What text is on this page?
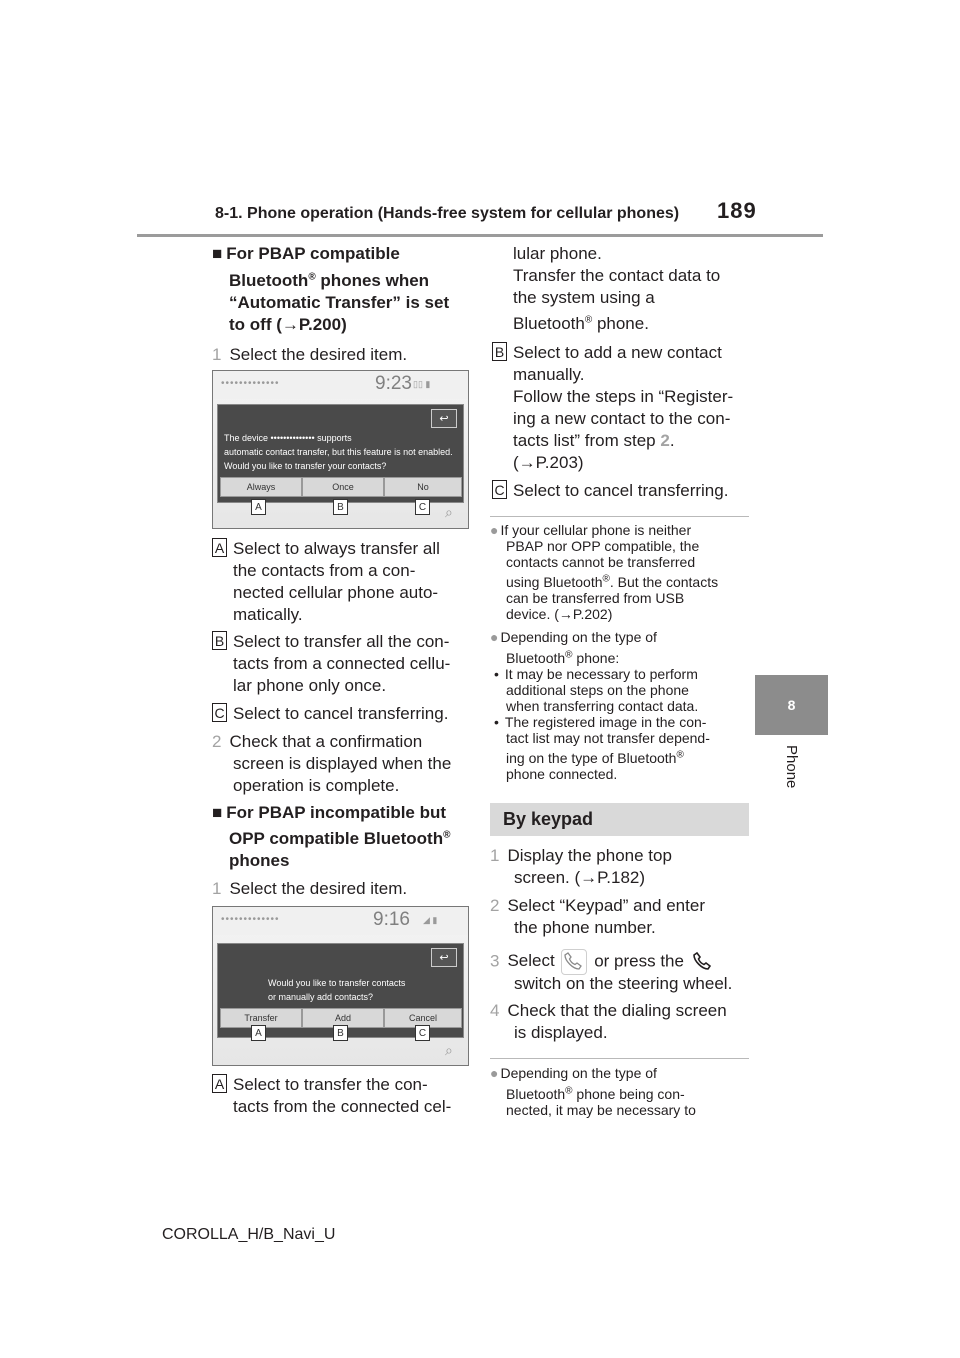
8-1. Phone operation (Hands-free system for cellular phones) 189
8
Phone
■ For PBAP compatible
Bluetooth® phones when
“Automatic Transfer” is set
to off (→P.200)
1 Select the desired item.
•••••••••••••	9:23 ▯▯ ▮
↩
The device •••••••••••••• supports
automatic contact transfer, but this feature is not enabled.
Would you like to transfer your contacts?
Always	Once	No
A	B	C ⌕
A Select to always transfer all
the contacts from a con-
nected cellular phone auto-
matically.
B Select to transfer all the con-
tacts from a connected cellu-
lar phone only once.
C Select to cancel transferring.
2 Check that a confirmation
screen is displayed when the
operation is complete.
■ For PBAP incompatible but
OPP compatible Bluetooth®
phones
1 Select the desired item.
•••••••••••••	9:16 ◢ ▮
↩
Would you like to transfer contacts
or manually add contacts?
Transfer	Add	Cancel
A	B	C
⌕
A Select to transfer the con-
tacts from the connected cel-
lular phone.
Transfer the contact data to
the system using a
Bluetooth® phone.
B Select to add a new contact
manually.
Follow the steps in “Register-
ing a new contact to the con-
tacts list” from step 2.
(→P.203)
C Select to cancel transferring.
● If your cellular phone is neither
PBAP nor OPP compatible, the
contacts cannot be transferred
using Bluetooth®. But the contacts
can be transferred from USB
device. (→P.202)
● Depending on the type of
Bluetooth® phone:
• It may be necessary to perform
additional steps on the phone
when transferring contact data.
• The registered image in the con-
tact list may not transfer depend-
ing on the type of Bluetooth®
phone connected.
By keypad
1 Display the phone top
screen. (→P.182)
2 Select “Keypad” and enter
the phone number.
3 Select or press the
switch on the steering wheel.
4 Check that the dialing screen
is displayed.
● Depending on the type of
Bluetooth® phone being con-
nected, it may be necessary to
COROLLA_H/B_Navi_U
